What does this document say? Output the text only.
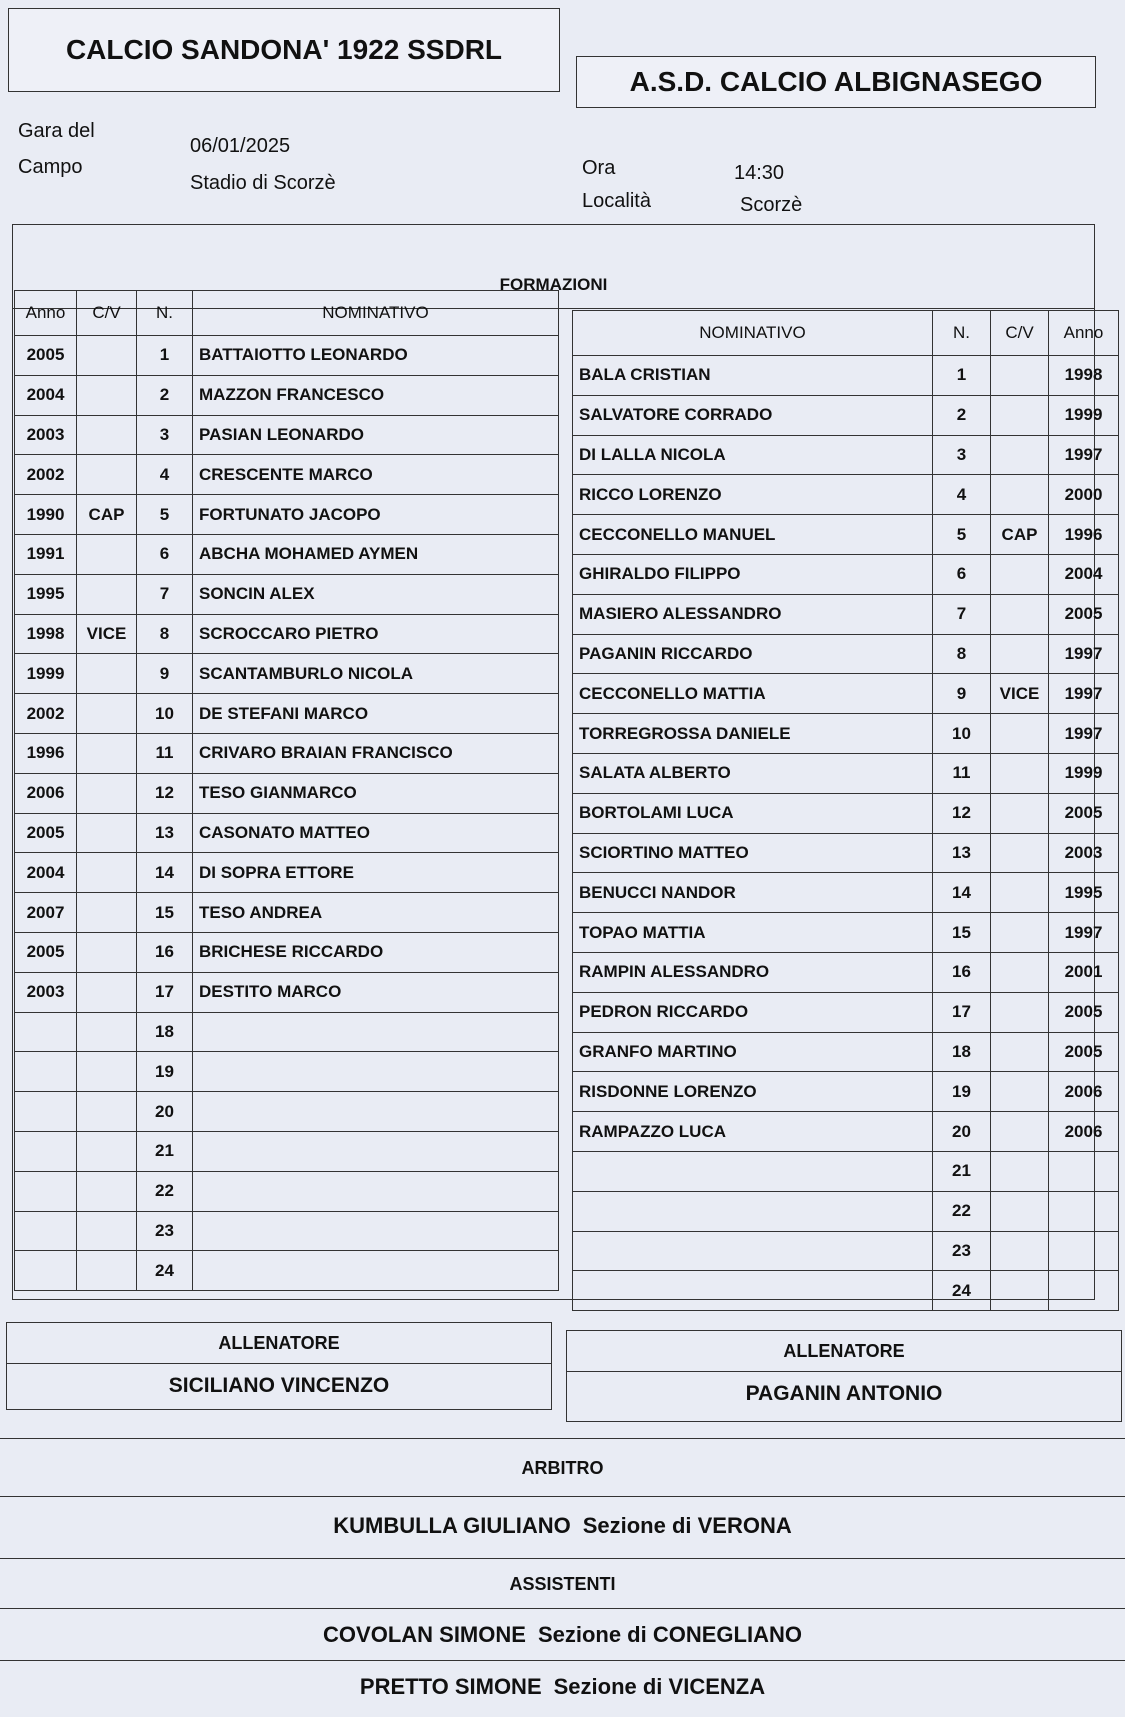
CALCIO SANDONA' 1922 SSDRL
A.S.D. CALCIO ALBIGNASEGO
Gara del
06/01/2025
Campo
Stadio di Scorzè
Ora	14:30
Località	Scorzè
FORMAZIONI
Anno	C/V	N.	NOMINATIVO
2005		1	BATTAIOTTO LEONARDO
2004		2	MAZZON FRANCESCO
2003		3	PASIAN LEONARDO
2002		4	CRESCENTE MARCO
1990	CAP	5	FORTUNATO JACOPO
1991		6	ABCHA MOHAMED AYMEN
1995		7	SONCIN ALEX
1998	VICE	8	SCROCCARO PIETRO
1999		9	SCANTAMBURLO NICOLA
2002		10	DE STEFANI MARCO
1996		11	CRIVARO BRAIAN FRANCISCO
2006		12	TESO GIANMARCO
2005		13	CASONATO MATTEO
2004		14	DI SOPRA ETTORE
2007		15	TESO ANDREA
2005		16	BRICHESE RICCARDO
2003		17	DESTITO MARCO
		18	
		19	
		20	
		21	
		22	
		23	
		24	
NOMINATIVO	N.	C/V	Anno
BALA CRISTIAN	1		1998
SALVATORE CORRADO	2		1999
DI LALLA NICOLA	3		1997
RICCO LORENZO	4		2000
CECCONELLO MANUEL	5	CAP	1996
GHIRALDO FILIPPO	6		2004
MASIERO ALESSANDRO	7		2005
PAGANIN RICCARDO	8		1997
CECCONELLO MATTIA	9	VICE	1997
TORREGROSSA DANIELE	10		1997
SALATA ALBERTO	11		1999
BORTOLAMI LUCA	12		2005
SCIORTINO MATTEO	13		2003
BENUCCI NANDOR	14		1995
TOPAO MATTIA	15		1997
RAMPIN ALESSANDRO	16		2001
PEDRON RICCARDO	17		2005
GRANFO MARTINO	18		2005
RISDONNE LORENZO	19		2006
RAMPAZZO LUCA	20		2006
	21		
	22		
	23		
	24		
ALLENATORE
SICILIANO VINCENZO
ALLENATORE
PAGANIN ANTONIO
ARBITRO
KUMBULLA GIULIANO Sezione di VERONA
ASSISTENTI
COVOLAN SIMONE Sezione di CONEGLIANO
PRETTO SIMONE Sezione di VICENZA
